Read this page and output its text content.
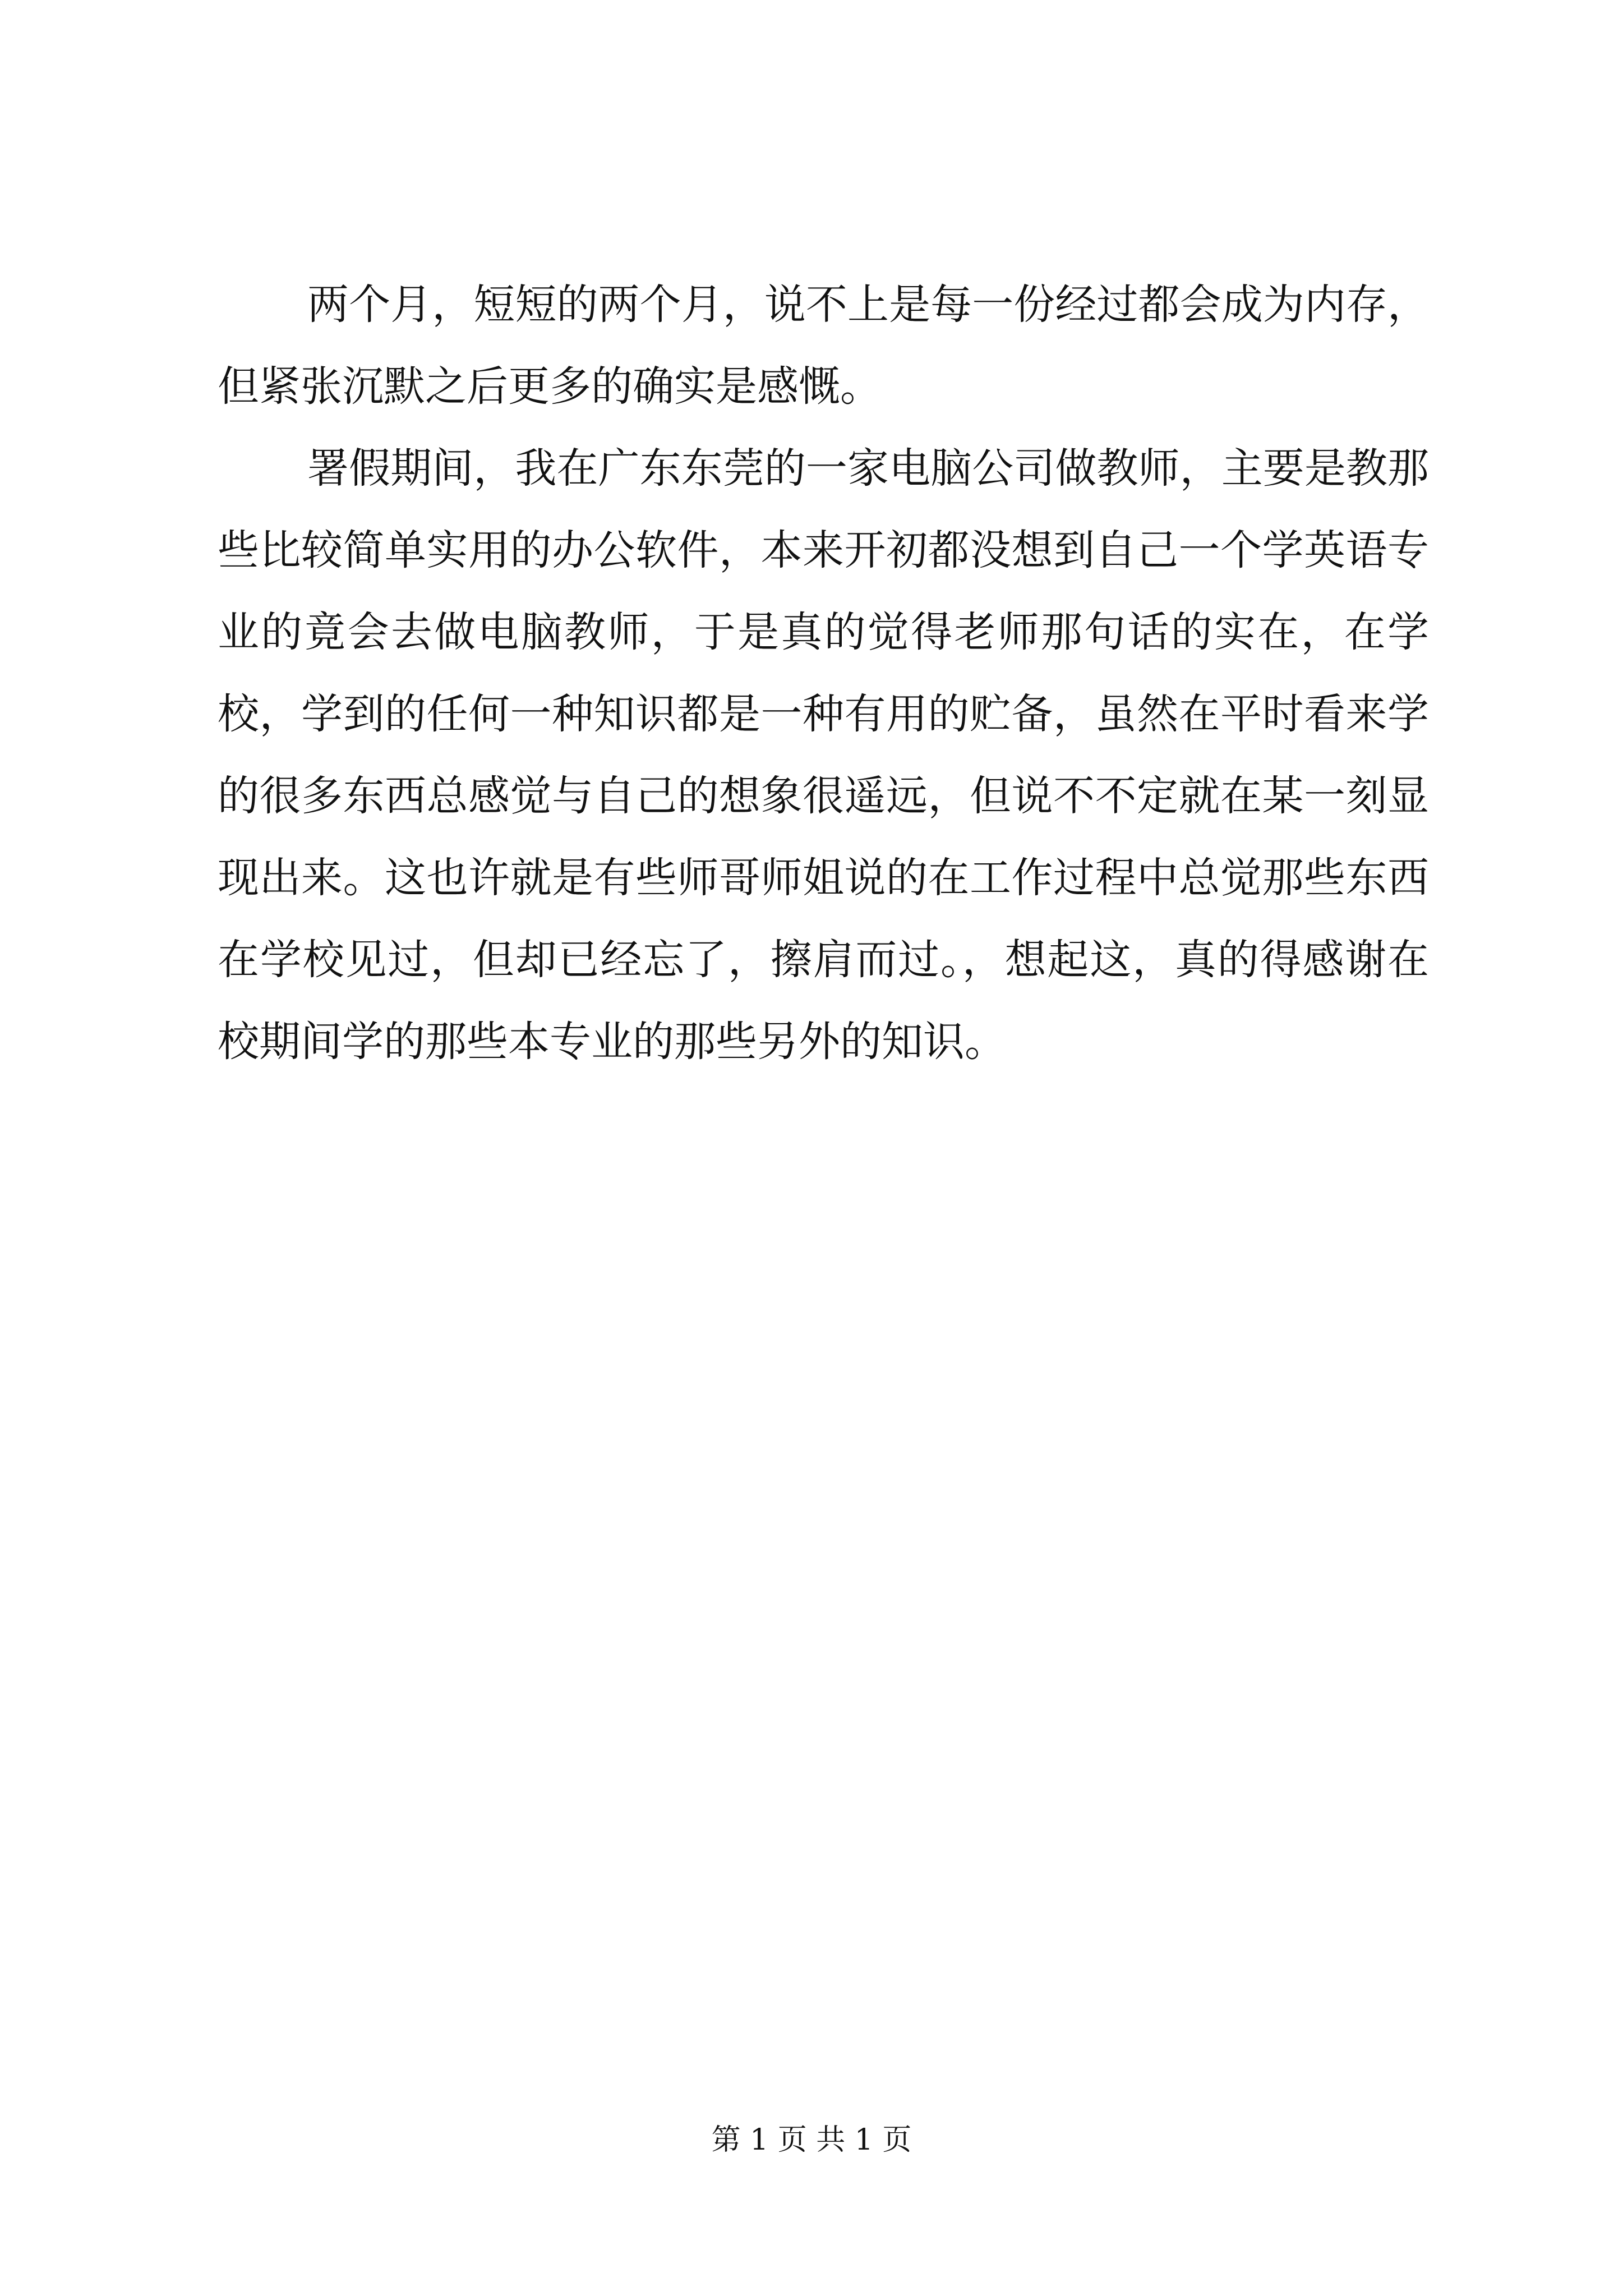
两个月，短短的两个月，说不上是每一份经过都会成为内存，但紧张沉默之后更多的确实是感慨。

署假期间，我在广东东莞的一家电脑公司做教师，主要是教那些比较简单实用的办公软件，本来开初都没想到自己一个学英语专业的竟会去做电脑教师，于是真的觉得老师那句话的实在，在学校，学到的任何一种知识都是一种有用的贮备，虽然在平时看来学的很多东西总感觉与自己的想象很遥远，但说不不定就在某一刻显现出来。这也许就是有些师哥师姐说的在工作过程中总觉那些东西在学校见过，但却已经忘了，擦肩而过。，想起这，真的得感谢在校期间学的那些本专业的那些另外的知识。

第 1 页 共 1 页
